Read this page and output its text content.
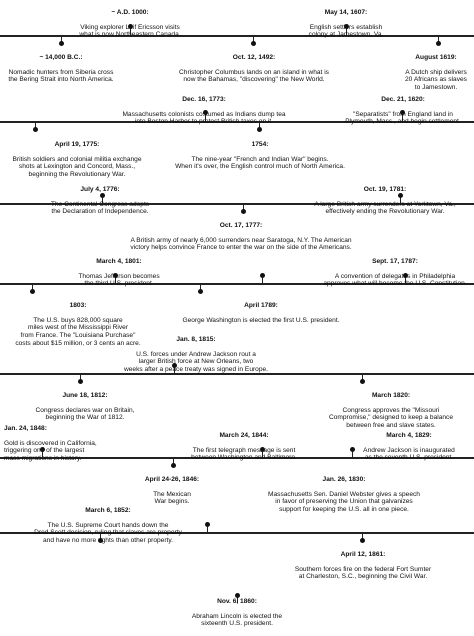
~ A.D. 1000:

Viking explorer Leif Ericsson visits
what is now Northeastern Canada.

May 14, 1607:

English settlers establish
colony at Jamestown, Va.

~ 14,000 B.C.:

Nomadic hunters from Siberia cross
the Bering Strait into North America.

Oct. 12, 1492:

Christopher Columbus lands on an island in what is
now the Bahamas, "discovering" the New World.

August 1619:

A Dutch ship delivers
20 Africans as slaves
to Jamestown.

Dec. 16, 1773:

Massachusetts colonists costumed as Indians dump tea
into Boston Harbor to protest British taxes on it.

Dec. 21, 1620:

"Separatists" from England land in
Plymouth, Mass., and begin settlement.

April 19, 1775:

British soldiers and colonial militia exchange
shots at Lexington and Concord, Mass.,
beginning the Revolutionary War.

1754:

The nine-year "French and Indian War" begins.
When it's over, the English control much of North America.

July 4, 1776:

The Continental Congress adopts
the Declaration of Independence.

Oct. 19, 1781:

A large British army surrenders at Yorktown, Va.,
effectively ending the Revolutionary War.

Oct. 17, 1777:

A British army of nearly 6,000 surrenders near Saratoga, N.Y. The American
victory helps convince France to enter the war on the side of the Americans.

March 4, 1801:

Thomas Jefferson becomes
the third U.S. president.

Sept. 17, 1787:

A convention of delegates in Philadelphia
approves what will become the U.S. Constitution.

1803:

The U.S. buys 828,000 square
miles west of the Mississippi River
from France. The "Louisiana Purchase"
costs about $15 million, or 3 cents an acre.

April 1789:

George Washington is elected the first U.S. president.

Jan. 8, 1815:

U.S. forces under Andrew Jackson rout a
larger British force at New Orleans, two
weeks after a peace treaty was signed in Europe.

June 18, 1812:

Congress declares war on Britain,
beginning the War of 1812.

March 1820:

Congress approves the "Missouri
Compromise," designed to keep a balance
between free and slave states.

Jan. 24, 1848:

Gold is discovered in California,
triggering one of the largest
mass migrations in history.

March 24, 1844:

The first telegraph message is sent
between Washington and Baltimore.

March 4, 1829:

Andrew Jackson is inaugurated
as the seventh U.S. president.

April 24-26, 1846:

The Mexican
War begins.

Jan. 26, 1830:

Massachusetts Sen. Daniel Webster gives a speech
in favor of preserving the Union that galvanizes
support for keeping the U.S. all in one piece.

March 6, 1852:

The U.S. Supreme Court hands down the
Dred Scott decision, ruling that slaves are property
and have no more rights than other property.

April 12, 1861:

Southern forces fire on the federal Fort Sumter
at Charleston, S.C., beginning the Civil War.

Nov. 6, 1860:

Abraham Lincoln is elected the
sixteenth U.S. president.
